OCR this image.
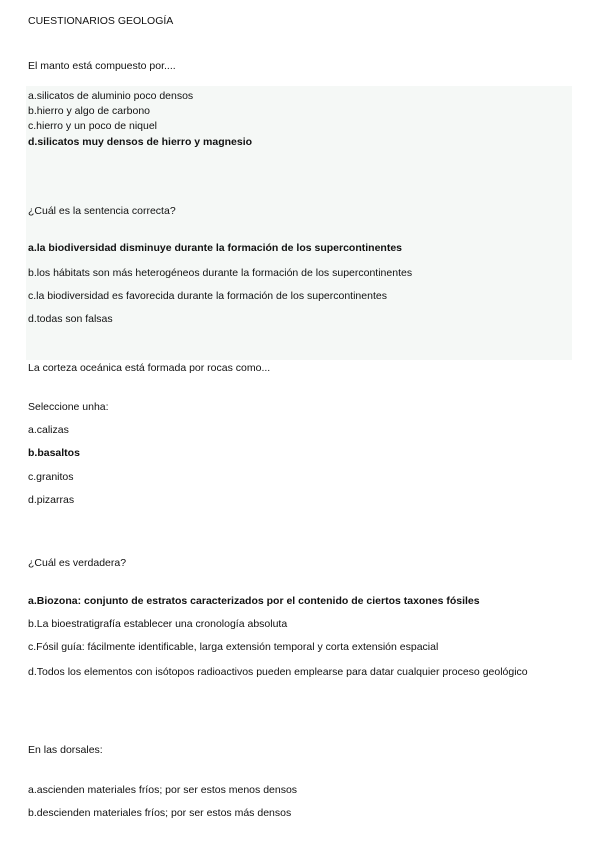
CUESTIONARIOS GEOLOGÍA
El manto está compuesto por....
a.silicatos de aluminio poco densos
b.hierro y algo de carbono
c.hierro y un poco de niquel
d.silicatos muy densos de hierro y magnesio
¿Cuál es la sentencia correcta?
a.la biodiversidad disminuye durante la formación de los supercontinentes
b.los hábitats son más heterogéneos durante la formación de los supercontinentes
c.la biodiversidad es favorecida durante la formación de los supercontinentes
d.todas son falsas
La corteza oceánica está formada por rocas como...
Seleccione unha:
a.calizas
b.basaltos
c.granitos
d.pizarras
¿Cuál es verdadera?
a.Biozona: conjunto de estratos caracterizados por el contenido de ciertos taxones fósiles
b.La bioestratigrafía establecer una cronología absoluta
c.Fósil guía: fácilmente identificable, larga extensión temporal y corta extensión espacial
d.Todos los elementos con isótopos radioactivos pueden emplearse para datar cualquier proceso geológico
En las dorsales:
a.ascienden materiales fríos; por ser estos menos densos
b.descienden materiales fríos; por ser estos más densos
